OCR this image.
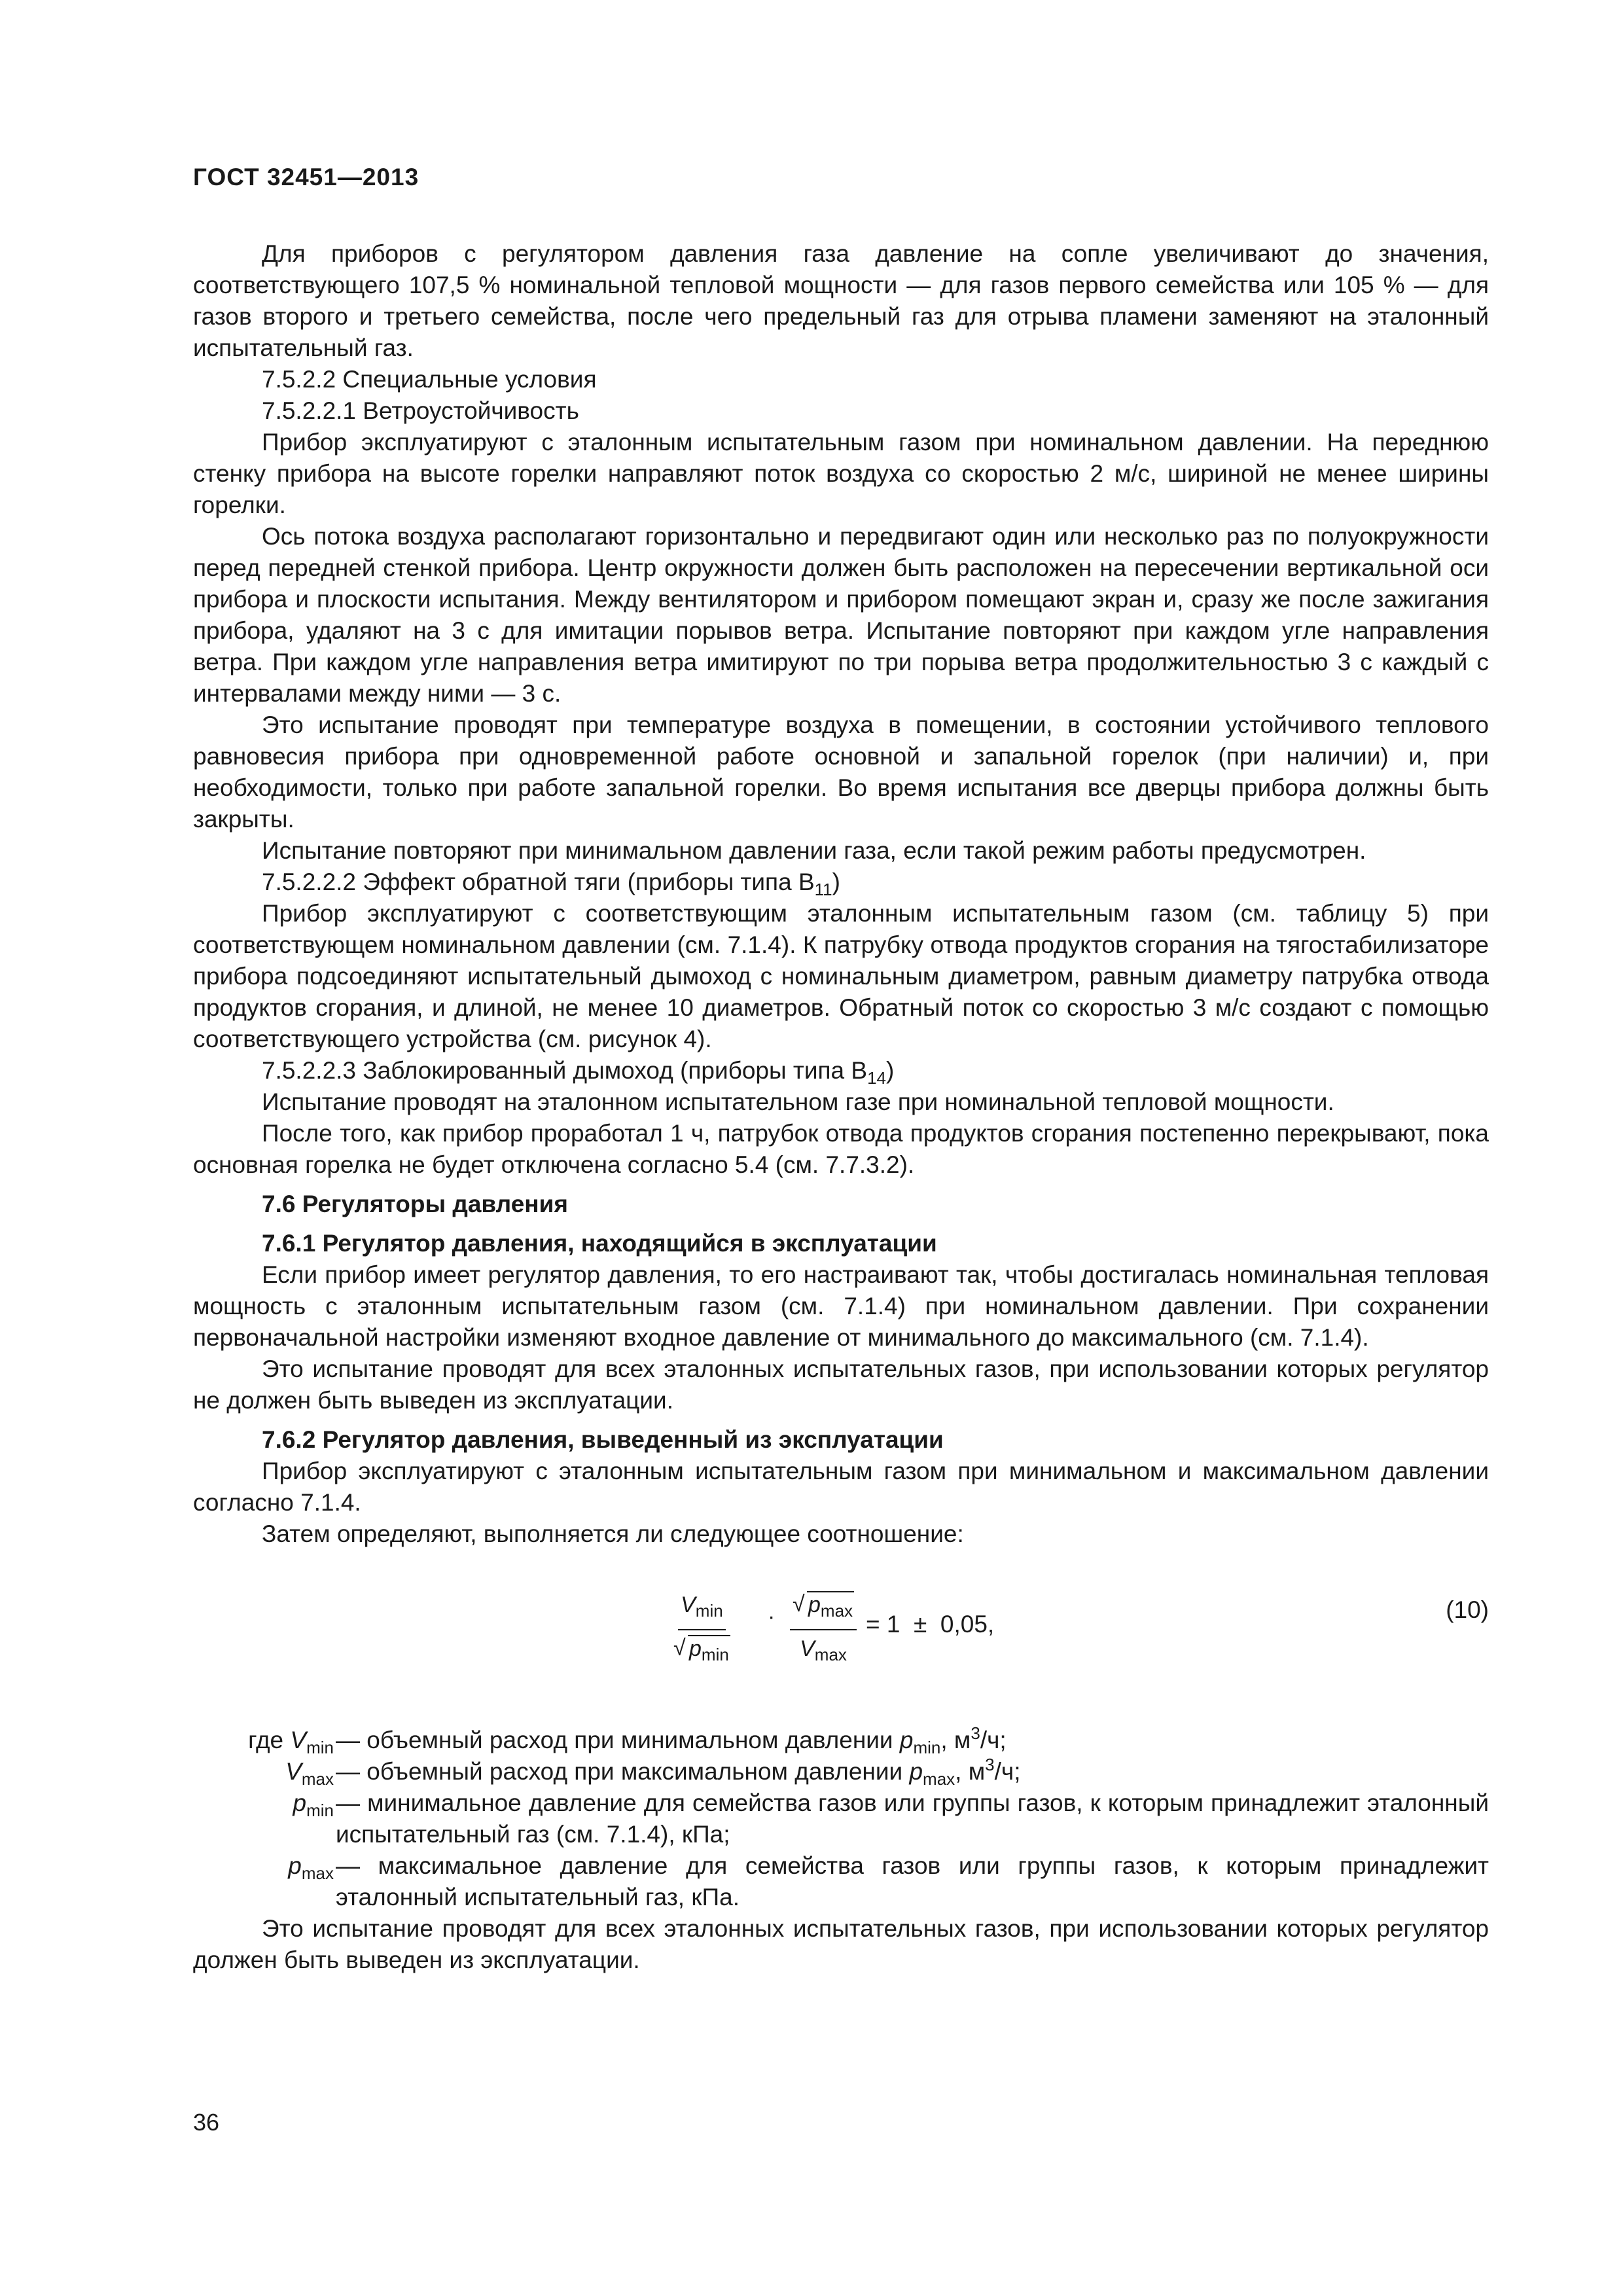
ГОСТ 32451—2013

Для приборов с регулятором давления газа давление на сопле увеличивают до значения, соответствующего 107,5 % номинальной тепловой мощности — для газов первого семейства или 105 % — для газов второго и третьего семейства, после чего предельный газ для отрыва пламени заменяют на эталонный испытательный газ.

7.5.2.2 Специальные условия

7.5.2.2.1 Ветроустойчивость

Прибор эксплуатируют с эталонным испытательным газом при номинальном давлении. На переднюю стенку прибора на высоте горелки направляют поток воздуха со скоростью 2 м/с, шириной не менее ширины горелки.

Ось потока воздуха располагают горизонтально и передвигают один или несколько раз по полуокружности перед передней стенкой прибора. Центр окружности должен быть расположен на пересечении вертикальной оси прибора и плоскости испытания. Между вентилятором и прибором помещают экран и, сразу же после зажигания прибора, удаляют на 3 с для имитации порывов ветра. Испытание повторяют при каждом угле направления ветра. При каждом угле направления ветра имитируют по три порыва ветра продолжительностью 3 с каждый с интервалами между ними — 3 с.

Это испытание проводят при температуре воздуха в помещении, в состоянии устойчивого теплового равновесия прибора при одновременной работе основной и запальной горелок (при наличии) и, при необходимости, только при работе запальной горелки. Во время испытания все дверцы прибора должны быть закрыты.

Испытание повторяют при минимальном давлении газа, если такой режим работы предусмотрен.

7.5.2.2.2 Эффект обратной тяги (приборы типа $B_{11}$)

Прибор эксплуатируют с соответствующим эталонным испытательным газом (см. таблицу 5) при соответствующем номинальном давлении (см. 7.1.4). К патрубку отвода продуктов сгорания на тягостабилизаторе прибора подсоединяют испытательный дымоход с номинальным диаметром, равным диаметру патрубка отвода продуктов сгорания, и длиной, не менее 10 диаметров. Обратный поток со скоростью 3 м/с создают с помощью соответствующего устройства (см. рисунок 4).

7.5.2.2.3 Заблокированный дымоход (приборы типа $B_{14}$)

Испытание проводят на эталонном испытательном газе при номинальной тепловой мощности.

После того, как прибор проработал 1 ч, патрубок отвода продуктов сгорания постепенно перекрывают, пока основная горелка не будет отключена согласно 5.4 (см. 7.7.3.2).

7.6 Регуляторы давления

7.6.1 Регулятор давления, находящийся в эксплуатации

Если прибор имеет регулятор давления, то его настраивают так, чтобы достигалась номинальная тепловая мощность с эталонным испытательным газом (см. 7.1.4) при номинальном давлении. При сохранении первоначальной настройки изменяют входное давление от минимального до максимального (см. 7.1.4).

Это испытание проводят для всех эталонных испытательных газов, при использовании которых регулятор не должен быть выведен из эксплуатации.

7.6.2 Регулятор давления, выведенный из эксплуатации

Прибор эксплуатируют с эталонным испытательным газом при минимальном и максимальном давлении согласно 7.1.4.

Затем определяют, выполняется ли следующее соотношение:

$V_{min}$
√ $p_{min}$
· √ $p_{max}$
$V_{max}$
= 1  ±  0,05,
(10)
где $V_{min}$ — объемный расход при минимальном давлении $p_{min}$, $м^3/ч$;
$V_{max}$ — объемный расход при максимальном давлении $p_{max}$, $м^3/ч$;
$p_{min}$ — минимальное давление для семейства газов или группы газов, к которым принадлежит эталонный испытательный газ (см. 7.1.4), кПа;
$p_{max}$ — максимальное давление для семейства газов или группы газов, к которым принадлежит эталонный испытательный газ, кПа.

Это испытание проводят для всех эталонных испытательных газов, при использовании которых регулятор должен быть выведен из эксплуатации.

36
